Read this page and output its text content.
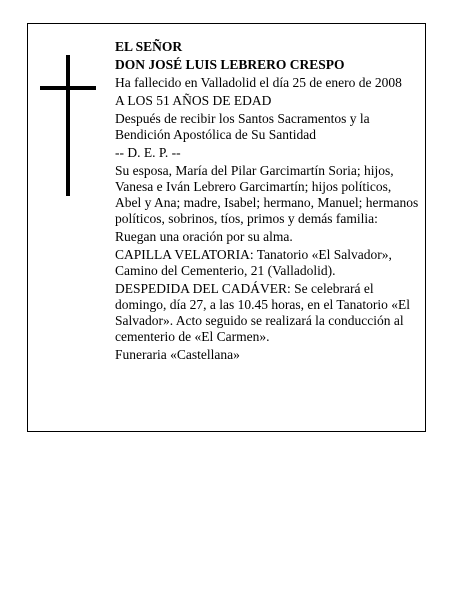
EL SEÑOR

DON JOSÉ LUIS LEBRERO CRESPO

Ha fallecido en Valladolid el día 25 de enero de 2008

A LOS 51 AÑOS DE EDAD

Después de recibir los Santos Sacramentos y la Bendición Apostólica de Su Santidad

-- D. E. P. --

Su esposa, María del Pilar Garcimartín Soria; hijos, Vanesa e Iván Lebrero Garcimartín; hijos políticos, Abel y Ana; madre, Isabel; hermano, Manuel; hermanos políticos, sobrinos, tíos, primos y demás familia:

Ruegan una oración por su alma.

CAPILLA VELATORIA: Tanatorio «El Salvador», Camino del Cementerio, 21 (Valladolid).

DESPEDIDA DEL CADÁVER: Se celebrará el domingo, día 27, a las 10.45 horas, en el Tanatorio «El Salvador». Acto seguido se realizará la conducción al cementerio de «El Carmen».

Funeraria «Castellana»
